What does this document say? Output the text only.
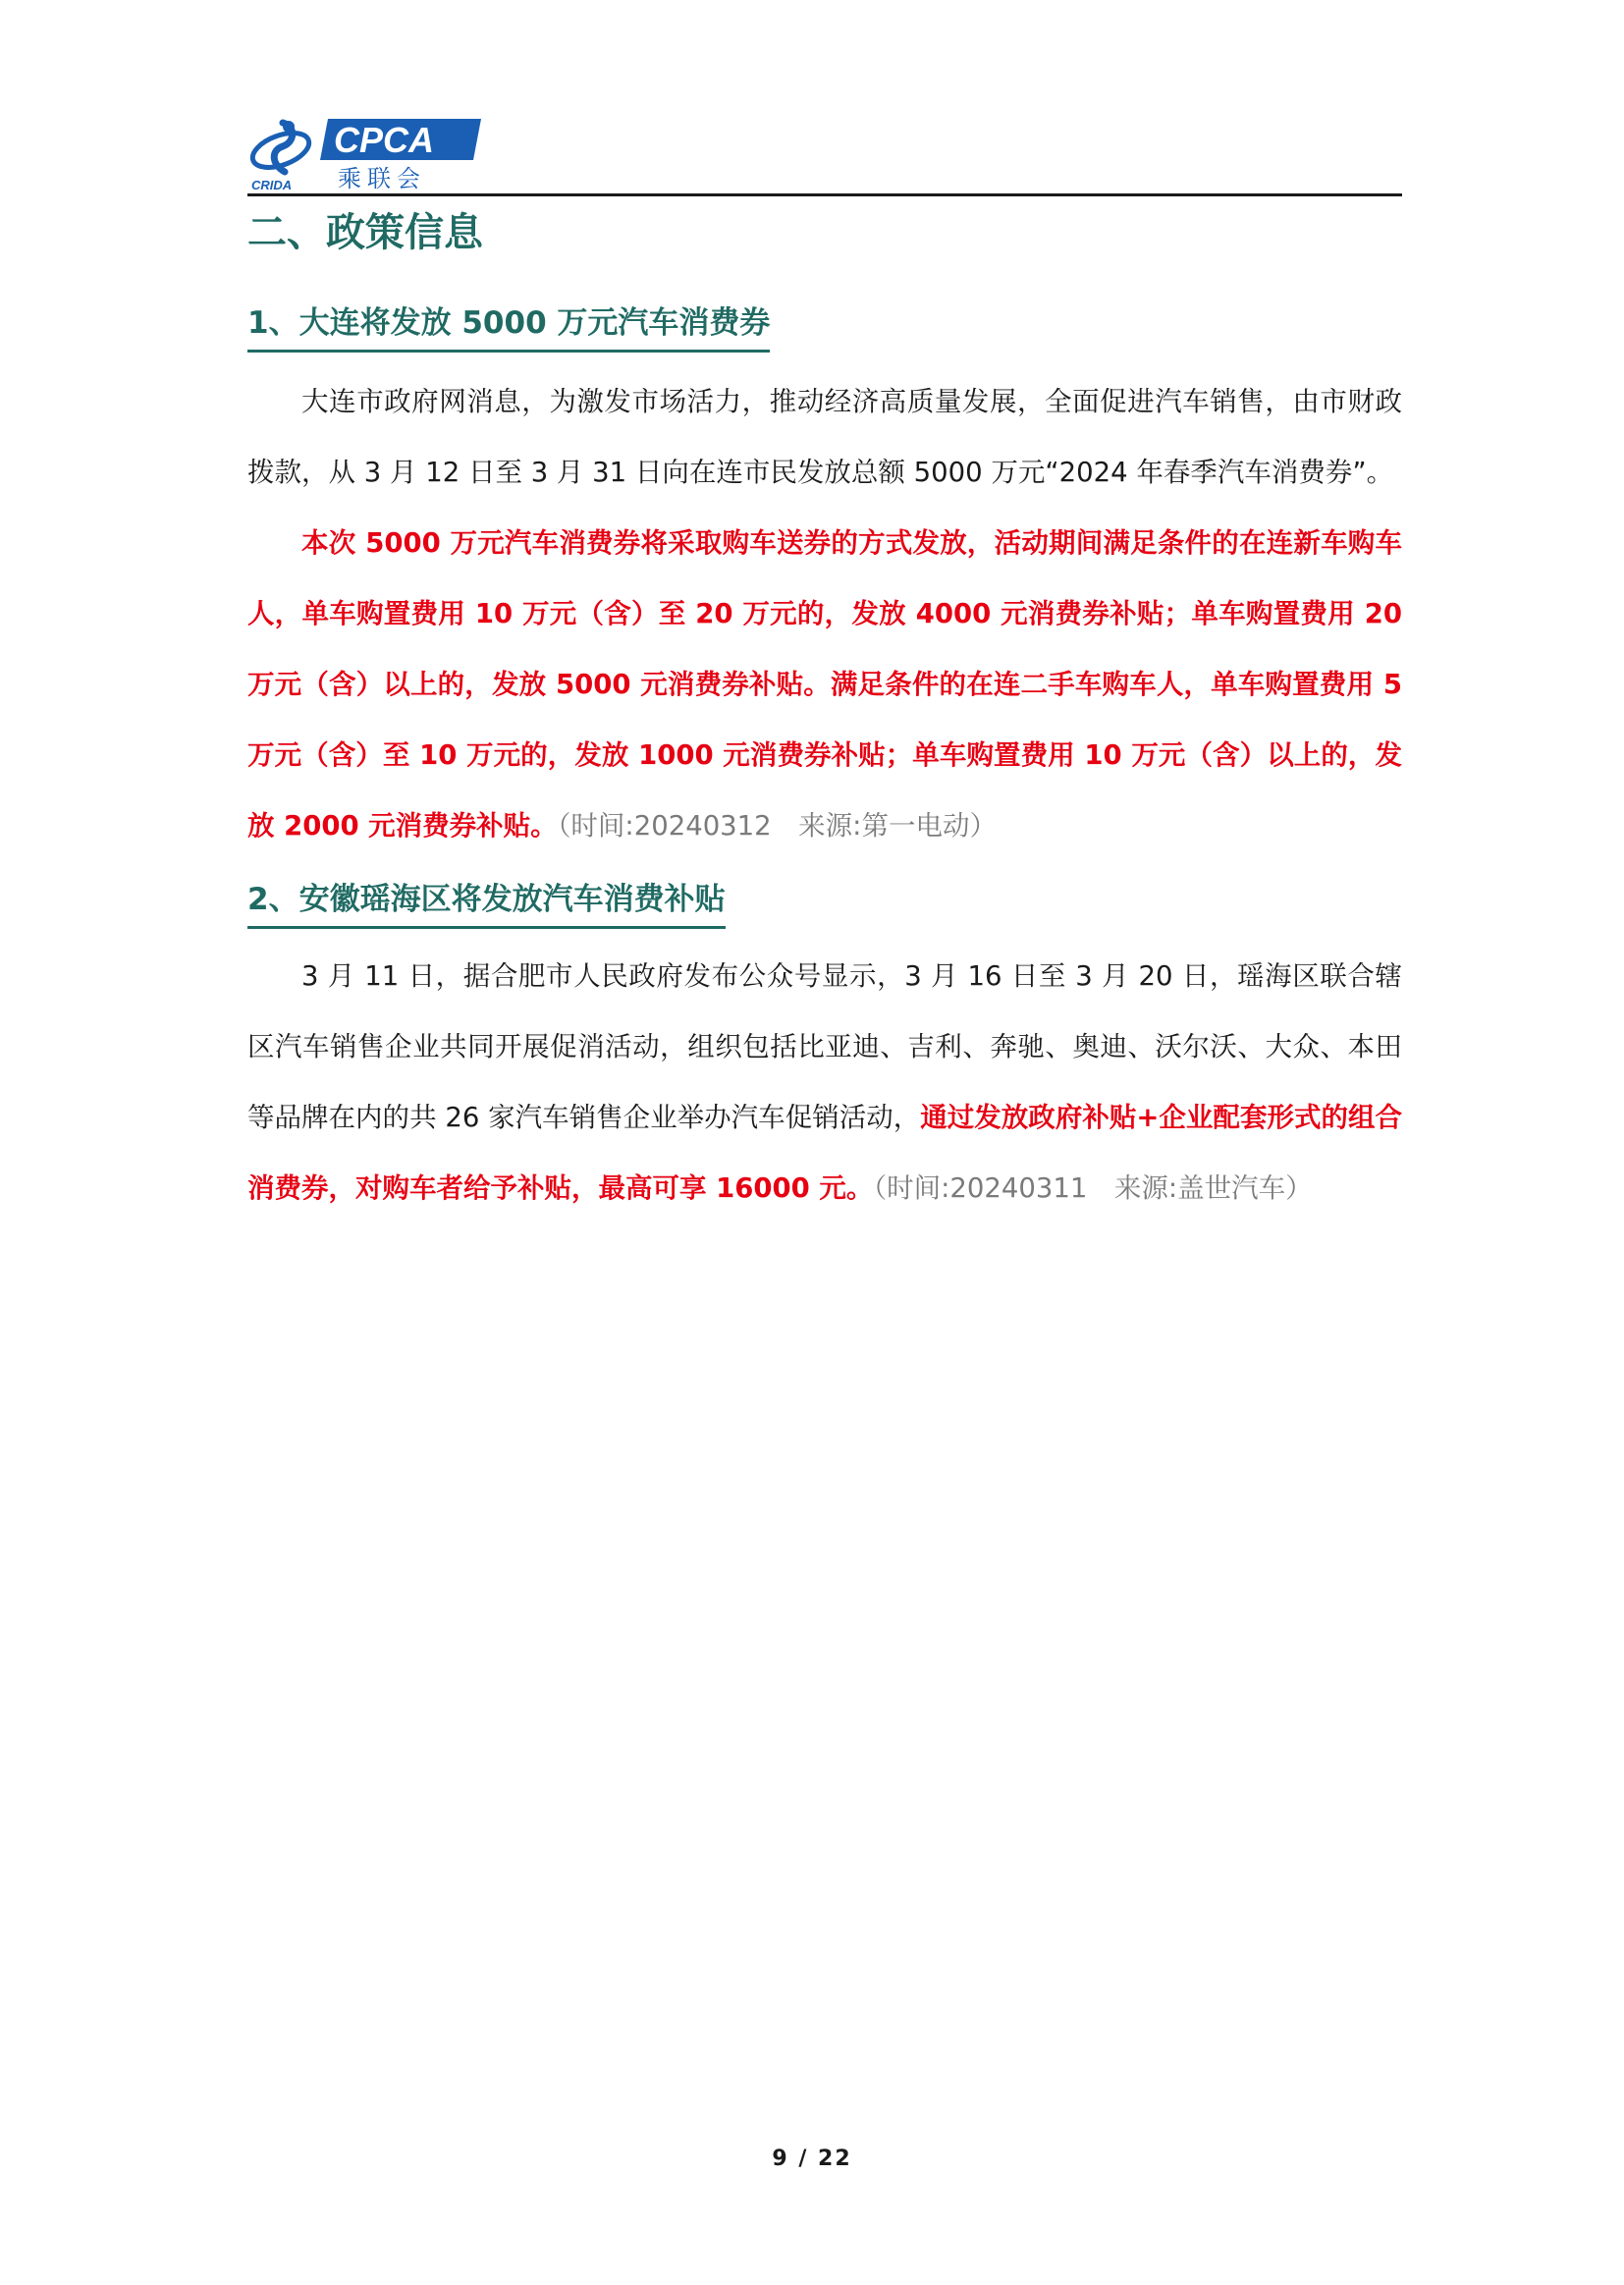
CRIDA
CPCA
乘联会
二、政策信息
1、大连将发放 5000 万元汽车消费券

大连市政府网消息，为激发市场活力，推动经济高质量发展，全面促进汽车销售，由市财政拨款，从 3 月 12 日至 3 月 31 日向在连市民发放总额 5000 万元“2024 年春季汽车消费券”。

本次 5000 万元汽车消费券将采取购车送券的方式发放，活动期间满足条件的在连新车购车人，单车购置费用 10 万元（含）至 20 万元的，发放 4000 元消费券补贴；单车购置费用 20 万元（含）以上的，发放 5000 元消费券补贴。满足条件的在连二手车购车人，单车购置费用 5 万元（含）至 10 万元的，发放 1000 元消费券补贴；单车购置费用 10 万元（含）以上的，发放 2000 元消费券补贴。（时间:20240312　来源:第一电动）

2、安徽瑶海区将发放汽车消费补贴

3 月 11 日，据合肥市人民政府发布公众号显示，3 月 16 日至 3 月 20 日，瑶海区联合辖区汽车销售企业共同开展促消活动，组织包括比亚迪、吉利、奔驰、奥迪、沃尔沃、大众、本田等品牌在内的共 26 家汽车销售企业举办汽车促销活动，通过发放政府补贴+企业配套形式的组合消费券，对购车者给予补贴，最高可享 16000 元。（时间:20240311　来源:盖世汽车）

9 / 22
